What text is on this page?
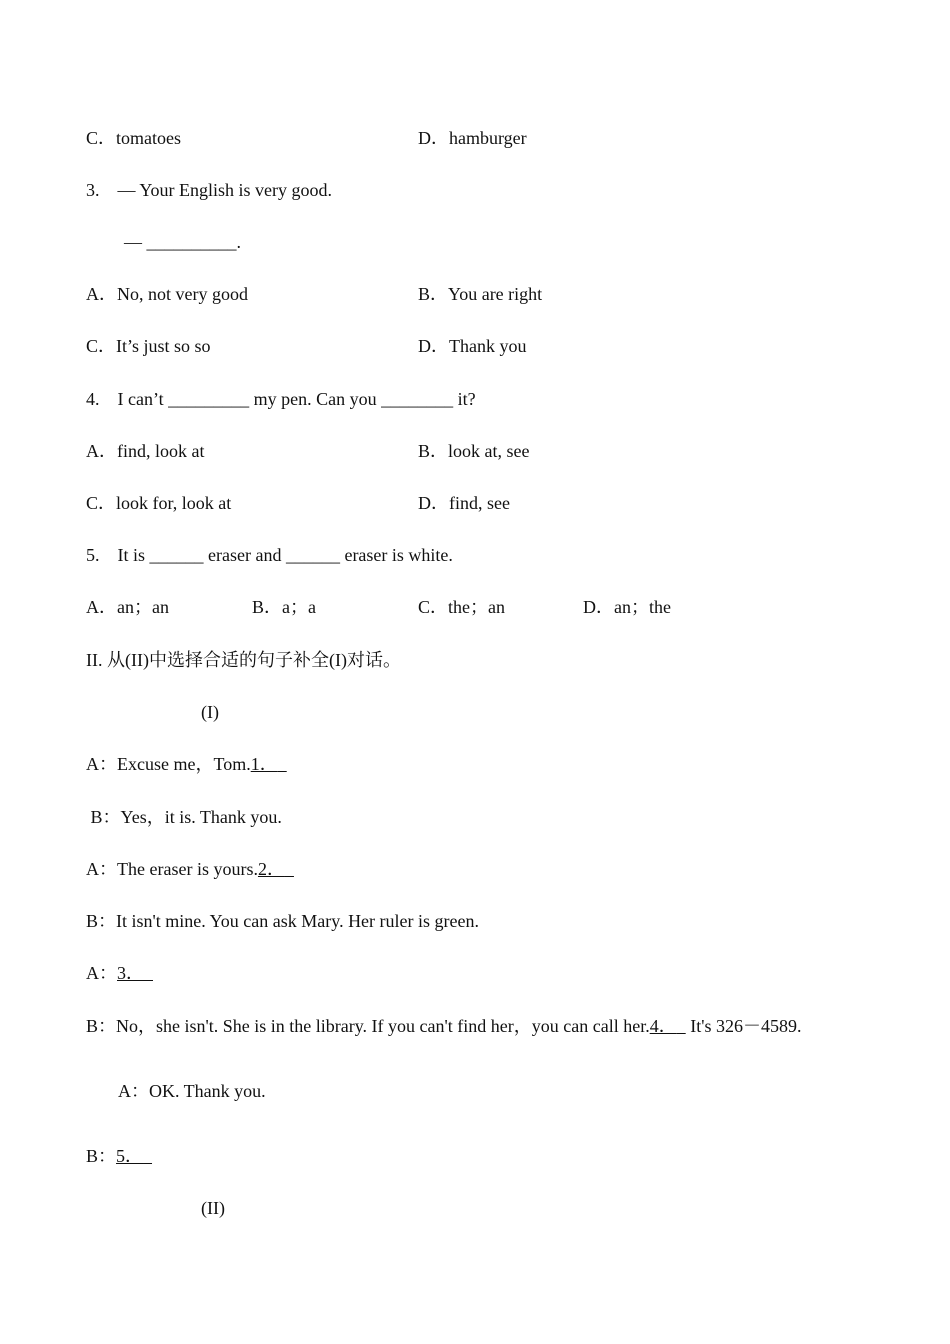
C．tomatoes	D．hamburger
3.　— Your English is very good.
— __________.
A．No, not very good	B．You are right
C．It’s just so so	D．Thank you
4.　I can’t _________ my pen. Can you ________ it?
A．find, look at	B．look at, see
C．look for, look at	D．find, see
5.　It is ______ eraser and ______ eraser is white.
A．an；an	B．a；a	C．the；an	D．an；the
II. 从(II)中选择合适的句子补全(I)对话。
(I)
A：Excuse me，Tom.1．
B：Yes，it is. Thank you.
A：The eraser is yours.2．
B：It isn't mine. You can ask Mary. Her ruler is green.
A：3．
B：No，she isn't. She is in the library. If you can't find her，you can call her.4．   It's 326－4589.
A：OK. Thank you.
B：5．
(II)
